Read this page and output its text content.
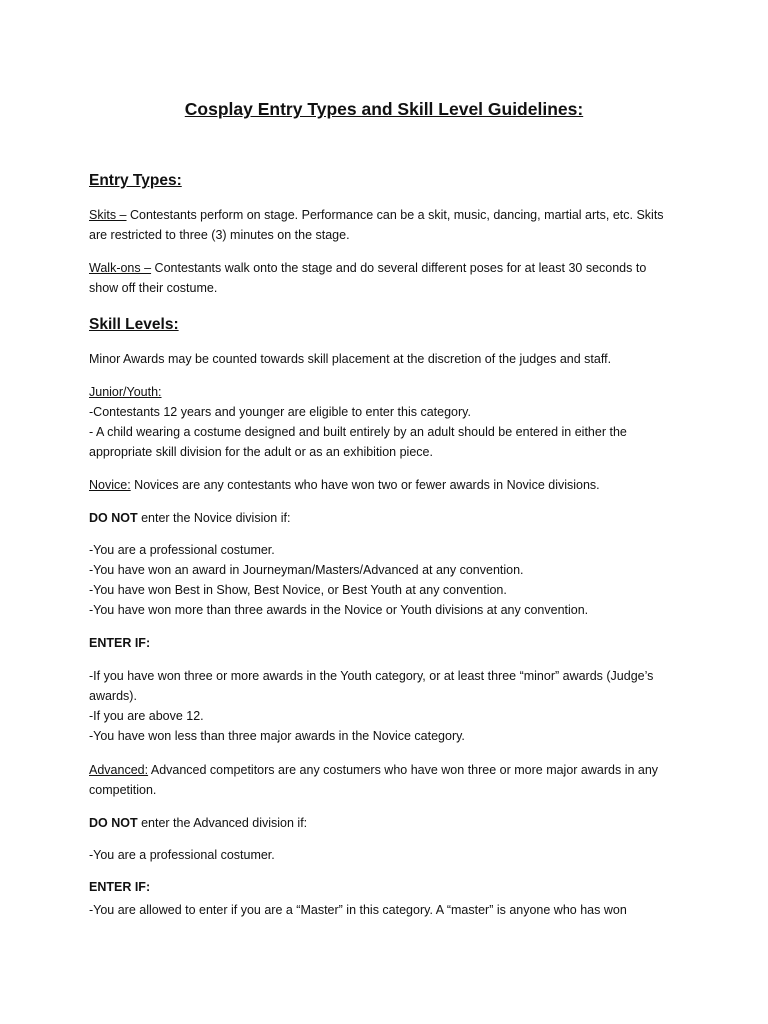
Cosplay Entry Types and Skill Level Guidelines:
Entry Types:
Skits – Contestants perform on stage. Performance can be a skit, music, dancing, martial arts, etc. Skits
are restricted to three (3) minutes on the stage.
Walk-ons – Contestants walk onto the stage and do several different poses for at least 30 seconds to
show off their costume.
Skill Levels:
Minor Awards may be counted towards skill placement at the discretion of the judges and staff.
Junior/Youth:
-Contestants 12 years and younger are eligible to enter this category.
- A child wearing a costume designed and built entirely by an adult should be entered in either the
appropriate skill division for the adult or as an exhibition piece.
Novice: Novices are any contestants who have won two or fewer awards in Novice divisions.
DO NOT enter the Novice division if:
-You are a professional costumer.
-You have won an award in Journeyman/Masters/Advanced at any convention.
-You have won Best in Show, Best Novice, or Best Youth at any convention.
-You have won more than three awards in the Novice or Youth divisions at any convention.
ENTER IF:
-If you have won three or more awards in the Youth category, or at least three “minor” awards (Judge’s
awards).
-If you are above 12.
-You have won less than three major awards in the Novice category.
Advanced: Advanced competitors are any costumers who have won three or more major awards in any
competition.
DO NOT enter the Advanced division if:
-You are a professional costumer.
ENTER IF:
-You are allowed to enter if you are a “Master” in this category. A “master” is anyone who has won
